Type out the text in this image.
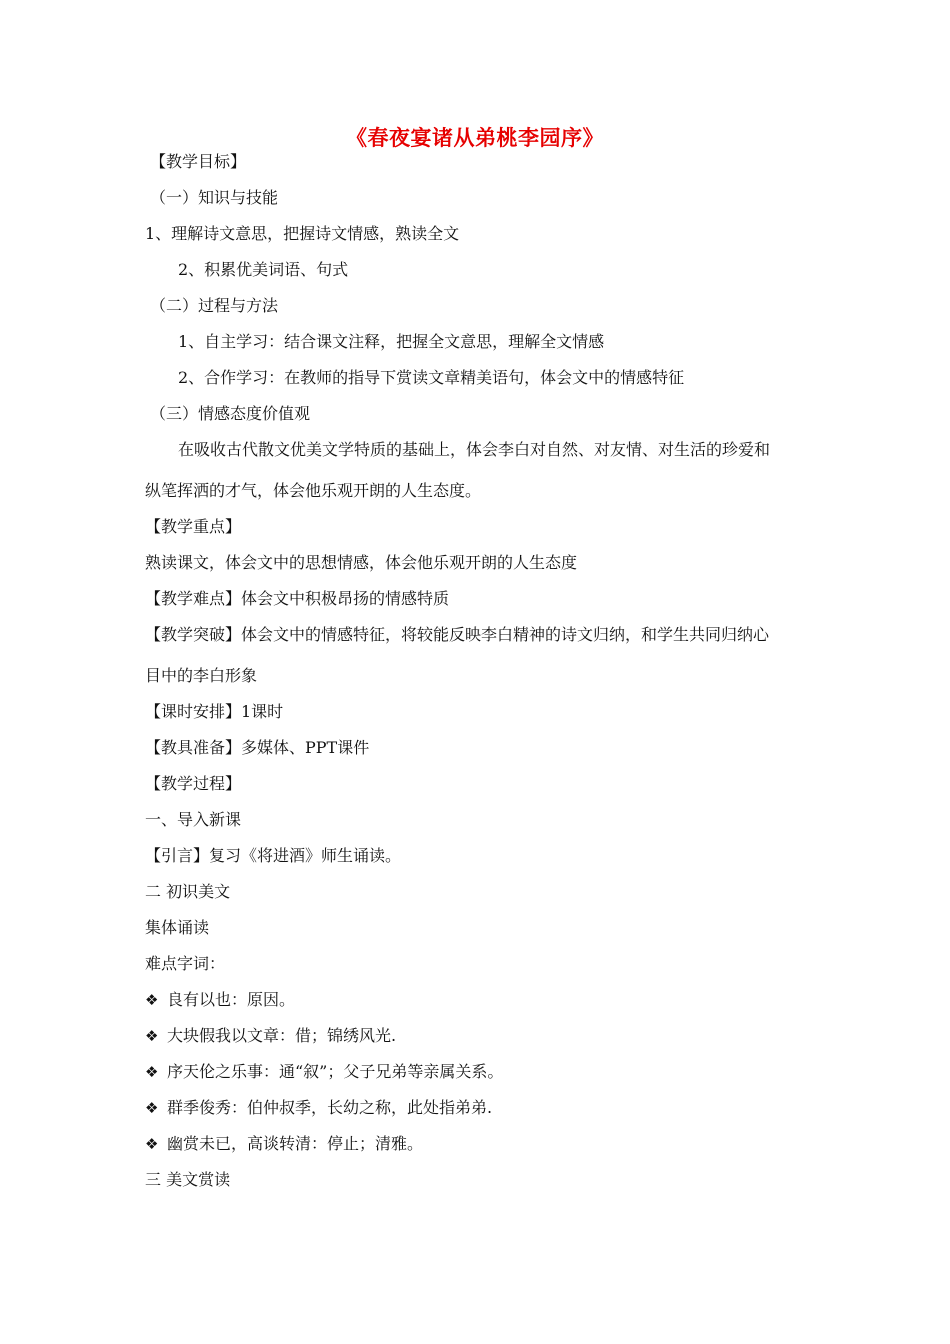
《春夜宴诸从弟桃李园序》
【教学目标】
（一）知识与技能
1、理解诗文意思，把握诗文情感，熟读全文
2、积累优美词语、句式
（二）过程与方法
1、自主学习：结合课文注释，把握全文意思，理解全文情感
2、合作学习：在教师的指导下赏读文章精美语句，体会文中的情感特征
（三）情感态度价值观
在吸收古代散文优美文学特质的基础上，体会李白对自然、对友情、对生活的珍爱和
纵笔挥洒的才气，体会他乐观开朗的人生态度。
【教学重点】
熟读课文，体会文中的思想情感，体会他乐观开朗的人生态度
【教学难点】体会文中积极昂扬的情感特质
【教学突破】体会文中的情感特征，将较能反映李白精神的诗文归纳，和学生共同归纳心
目中的李白形象
【课时安排】1课时
【教具准备】多媒体、PPT课件
【教学过程】
一、导入新课
【引言】复习《将进酒》师生诵读。
二 初识美文
集体诵读
难点字词：
❖ 良有以也：原因。
❖ 大块假我以文章：借；锦绣风光.
❖ 序天伦之乐事：通“叙”；父子兄弟等亲属关系。
❖ 群季俊秀：伯仲叔季，长幼之称，此处指弟弟.
❖ 幽赏未已，高谈转清：停止；清雅。
三 美文赏读
